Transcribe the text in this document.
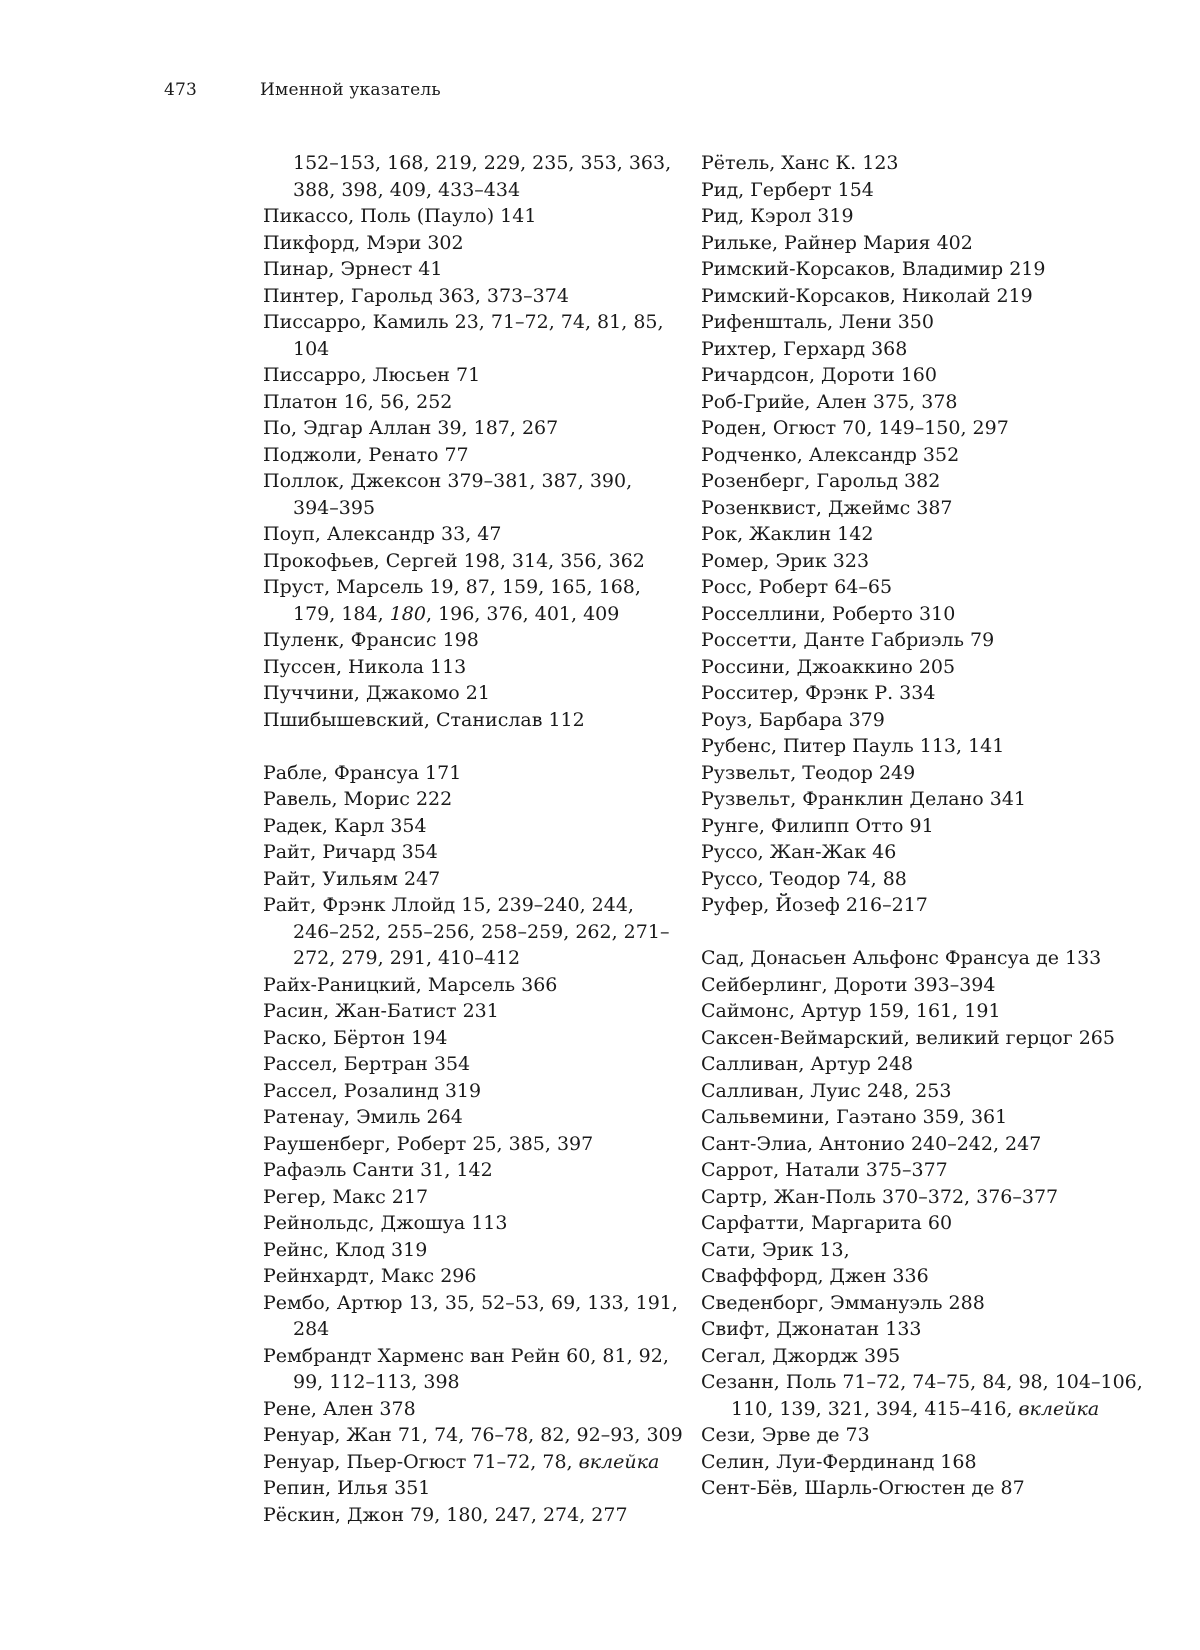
473	Именной указатель
152–153, 168, 219, 229, 235, 353, 363, 388, 398, 409, 433–434
Пикассо, Поль (Пауло) 141
Пикфорд, Мэри 302
Пинар, Эрнест 41
Пинтер, Гарольд 363, 373–374
Писсарро, Камиль 23, 71–72, 74, 81, 85, 104
Писсарро, Люсьен 71
Платон 16, 56, 252
По, Эдгар Аллан 39, 187, 267
Поджоли, Ренато 77
Поллок, Джексон 379–381, 387, 390, 394–395
Поуп, Александр 33, 47
Прокофьев, Сергей 198, 314, 356, 362
Пруст, Марсель 19, 87, 159, 165, 168, 179, 184, 180, 196, 376, 401, 409
Пуленк, Франсис 198
Пуссен, Никола 113
Пуччини, Джакомо 21
Пшибышевский, Станислав 112
Рабле, Франсуа 171
Равель, Морис 222
Радек, Карл 354
Райт, Ричард 354
Райт, Уильям 247
Райт, Фрэнк Ллойд 15, 239–240, 244, 246–252, 255–256, 258–259, 262, 271–272, 279, 291, 410–412
Райх-Раницкий, Марсель 366
Расин, Жан-Батист 231
Раско, Бёртон 194
Рассел, Бертран 354
Рассел, Розалинд 319
Ратенау, Эмиль 264
Раушенберг, Роберт 25, 385, 397
Рафаэль Санти 31, 142
Регер, Макс 217
Рейнольдс, Джошуа 113
Рейнс, Клод 319
Рейнхардт, Макс 296
Рембо, Артюр 13, 35, 52–53, 69, 133, 191, 284
Рембрандт Харменс ван Рейн 60, 81, 92, 99, 112–113, 398
Рене, Ален 378
Ренуар, Жан 71, 74, 76–78, 82, 92–93, 309
Ренуар, Пьер-Огюст 71–72, 78, вклейка
Репин, Илья 351
Рёскин, Джон 79, 180, 247, 274, 277
Рётель, Ханс К. 123
Рид, Герберт 154
Рид, Кэрол 319
Рильке, Райнер Мария 402
Римский-Корсаков, Владимир 219
Римский-Корсаков, Николай 219
Рифеншталь, Лени 350
Рихтер, Герхард 368
Ричардсон, Дороти 160
Роб-Грийе, Ален 375, 378
Роден, Огюст 70, 149–150, 297
Родченко, Александр 352
Розенберг, Гарольд 382
Розенквист, Джеймс 387
Рок, Жаклин 142
Ромер, Эрик 323
Росс, Роберт 64–65
Росселлини, Роберто 310
Россетти, Данте Габриэль 79
Россини, Джоаккино 205
Росситер, Фрэнк Р. 334
Роуз, Барбара 379
Рубенс, Питер Пауль 113, 141
Рузвельт, Теодор 249
Рузвельт, Франклин Делано 341
Рунге, Филипп Отто 91
Руссо, Жан-Жак 46
Руссо, Теодор 74, 88
Руфер, Йозеф 216–217
Сад, Донасьен Альфонс Франсуа де 133
Сейберлинг, Дороти 393–394
Саймонс, Артур 159, 161, 191
Саксен-Веймарский, великий герцог 265
Салливан, Артур 248
Салливан, Луис 248, 253
Сальвемини, Гаэтано 359, 361
Сант-Элиа, Антонио 240–242, 247
Саррот, Натали 375–377
Сартр, Жан-Поль 370–372, 376–377
Сарфатти, Маргарита 60
Сати, Эрик 13,
Свафффорд, Джен 336
Сведенборг, Эммануэль 288
Свифт, Джонатан 133
Сегал, Джордж 395
Сезанн, Поль 71–72, 74–75, 84, 98, 104–106, 110, 139, 321, 394, 415–416, вклейка
Сези, Эрве де 73
Селин, Луи-Фердинанд 168
Сент-Бёв, Шарль-Огюстен де 87
